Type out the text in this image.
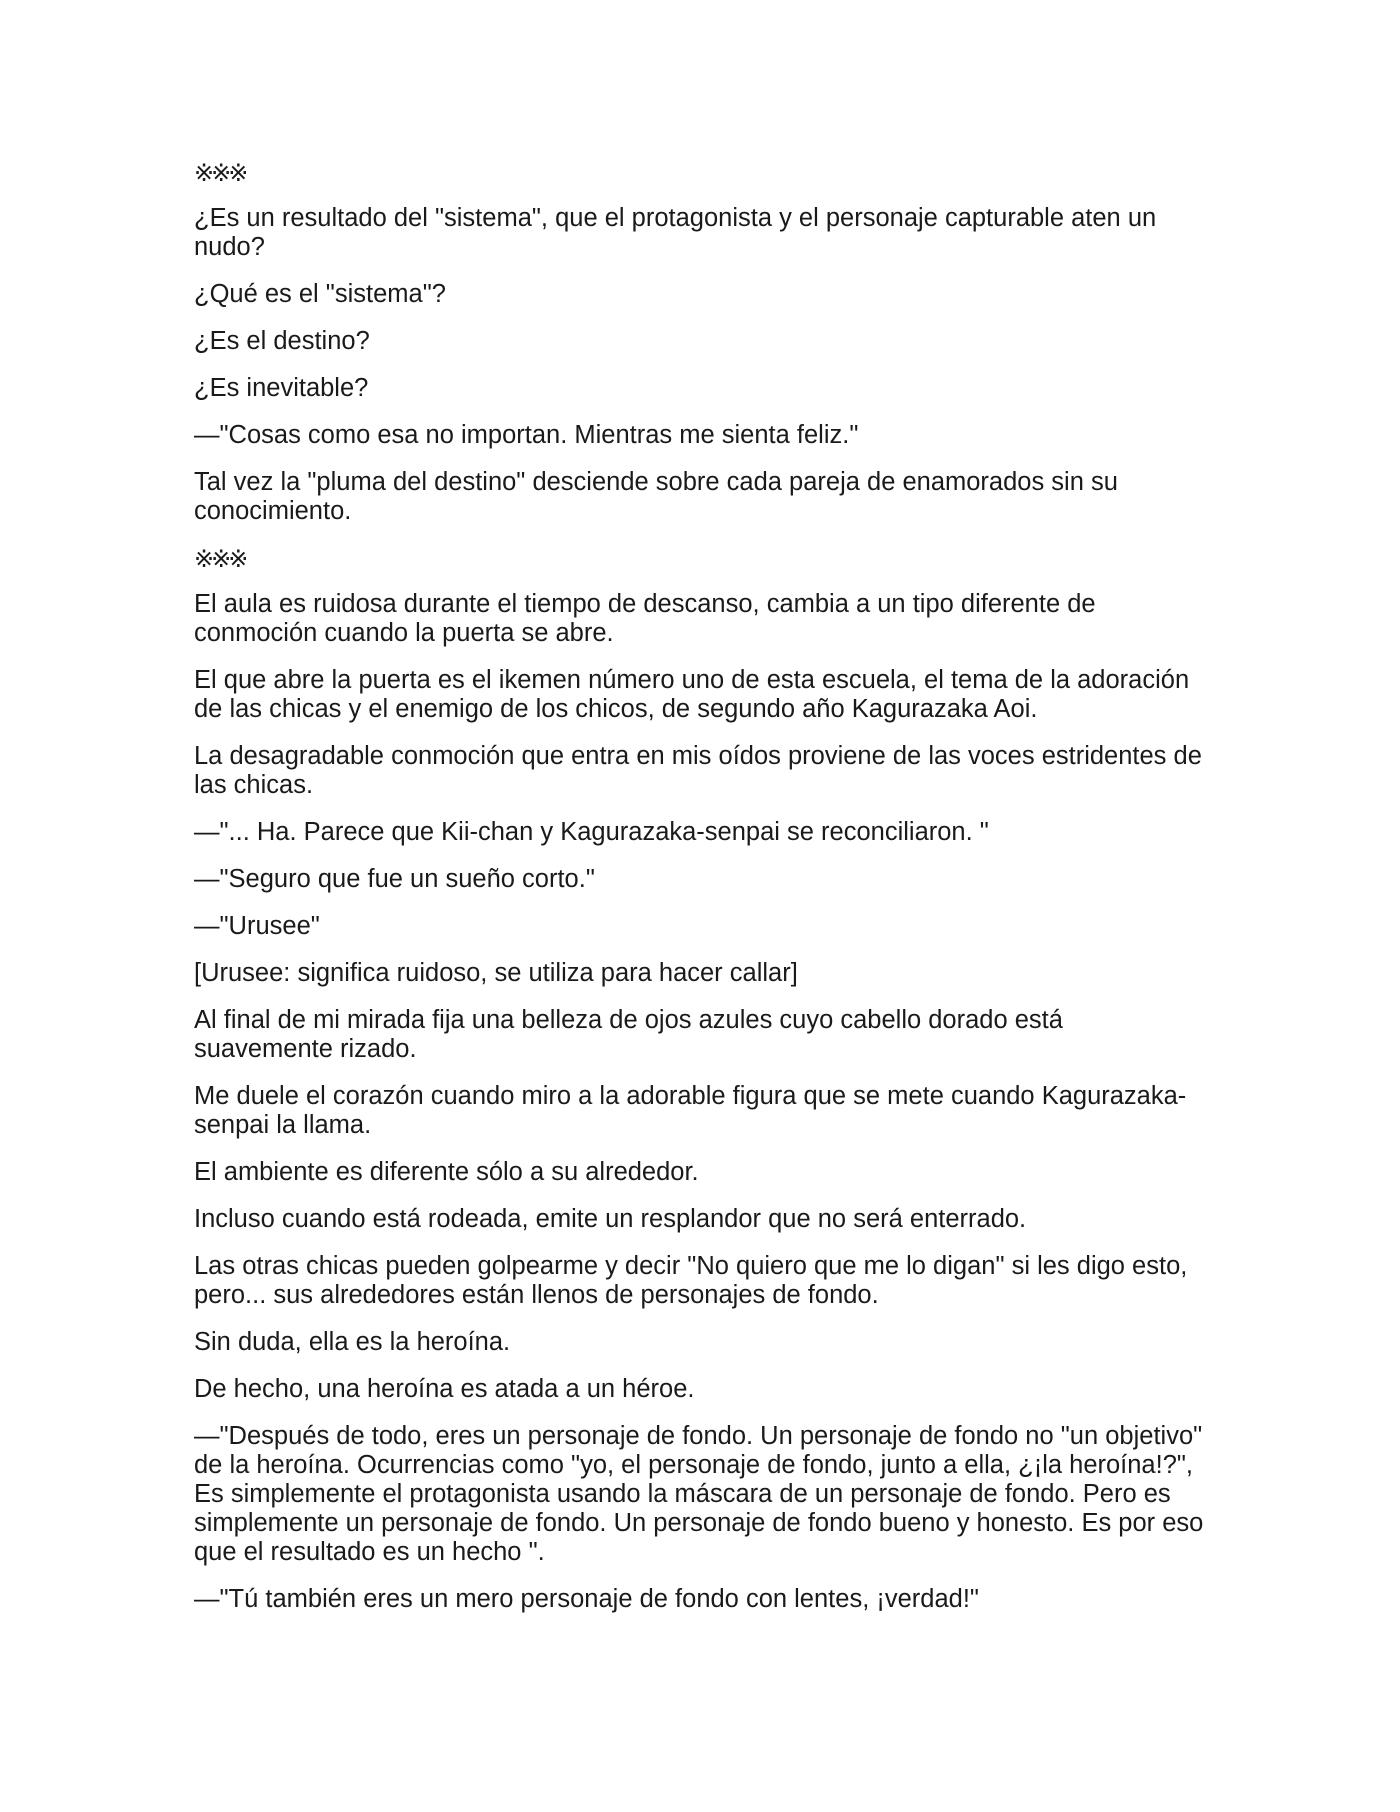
※※※

¿Es un resultado del "sistema", que el protagonista y el personaje capturable aten un nudo?

¿Qué es el "sistema"?

¿Es el destino?

¿Es inevitable?

—"Cosas como esa no importan. Mientras me sienta feliz."

Tal vez la "pluma del destino" desciende sobre cada pareja de enamorados sin su conocimiento.

※※※

El aula es ruidosa durante el tiempo de descanso, cambia a un tipo diferente de conmoción cuando la puerta se abre.

El que abre la puerta es el ikemen número uno de esta escuela, el tema de la adoración de las chicas y el enemigo de los chicos, de segundo año Kagurazaka Aoi.

La desagradable conmoción que entra en mis oídos proviene de las voces estridentes de las chicas.

—"... Ha. Parece que Kii-chan y Kagurazaka-senpai se reconciliaron. "

—"Seguro que fue un sueño corto."

—"Urusee"

[Urusee: significa ruidoso, se utiliza para hacer callar]

Al final de mi mirada fija una belleza de ojos azules cuyo cabello dorado está suavemente rizado.

Me duele el corazón cuando miro a la adorable figura que se mete cuando Kagurazaka-senpai la llama.

El ambiente es diferente sólo a su alrededor.

Incluso cuando está rodeada, emite un resplandor que no será enterrado.

Las otras chicas pueden golpearme y decir "No quiero que me lo digan" si les digo esto, pero... sus alrededores están llenos de personajes de fondo.

Sin duda, ella es la heroína.

De hecho, una heroína es atada a un héroe.

—"Después de todo, eres un personaje de fondo. Un personaje de fondo no "un objetivo" de la heroína. Ocurrencias como "yo, el personaje de fondo, junto a ella, ¿¡la heroína!?", Es simplemente el protagonista usando la máscara de un personaje de fondo. Pero es simplemente un personaje de fondo. Un personaje de fondo bueno y honesto. Es por eso que el resultado es un hecho ".

—"Tú también eres un mero personaje de fondo con lentes, ¡verdad!"
